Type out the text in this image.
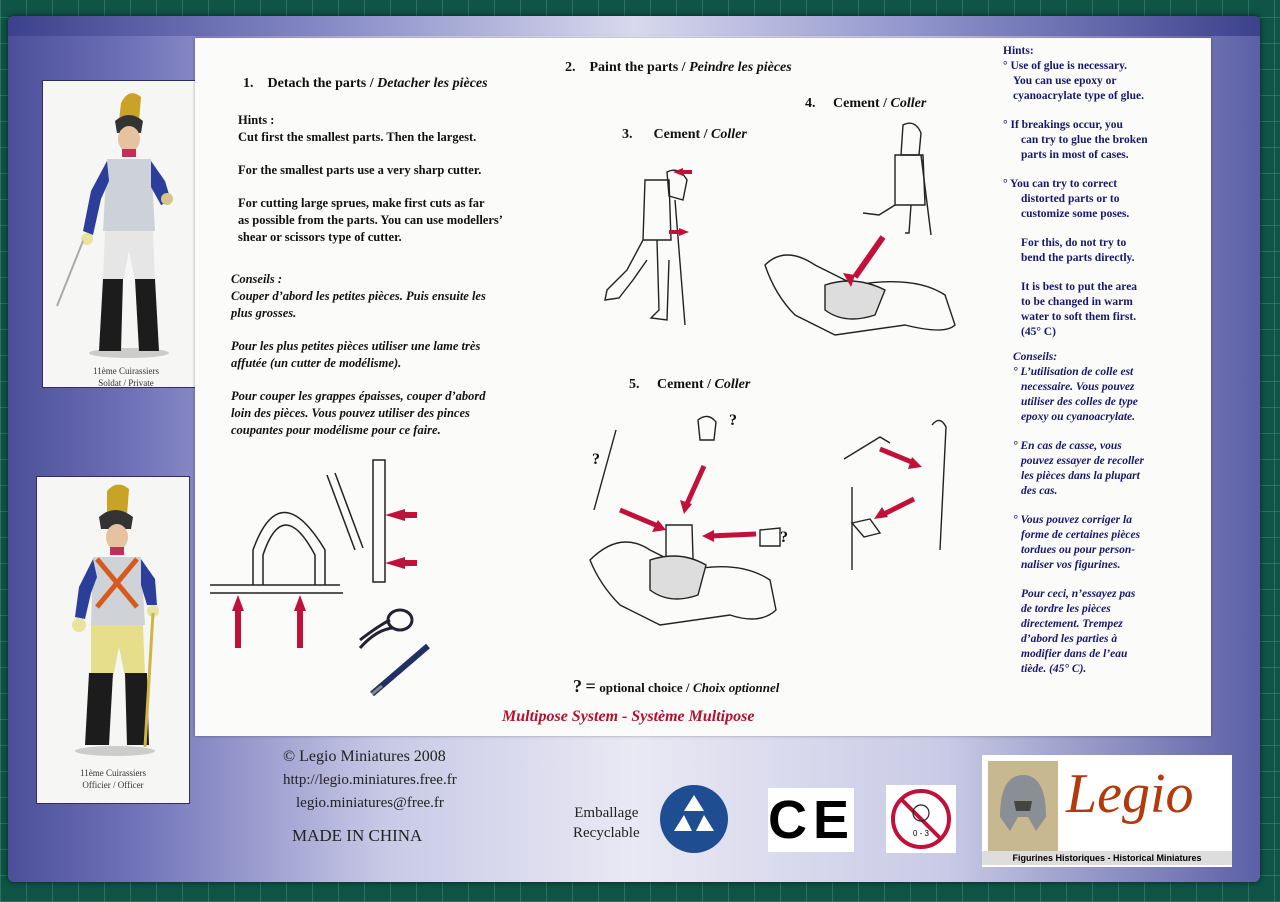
11ème Cuirassiers
Soldat / Private
11ème Cuirassiers
Officier / Officer
1. Detach the parts / Detacher les pièces
Hints :
Cut first the smallest parts. Then the largest.
For the smallest parts use a very sharp cutter.
For cutting large sprues, make first cuts as far
as possible from the parts. You can use modellers’
shear or scissors type of cutter.
Conseils :
Couper d’abord les petites pièces. Puis ensuite les
plus grosses.
Pour les plus petites pièces utiliser une lame très
affutée (un cutter de modélisme).
Pour couper les grappes épaisses, couper d’abord
loin des pièces. Vous pouvez utiliser des pinces
coupantes pour modélisme pour ce faire.
2. Paint the parts / Peindre les pièces
3. Cement / Coller
4. Cement / Coller
5. Cement / Coller
?
?
?
? = optional choice / Choix optionnel
Multipose System - Système Multipose
Hints:

° Use of glue is necessary.
You can use epoxy or
cyanoacrylate type of glue.

° If breakings occur, you
can try to glue the broken
parts in most of cases.

° You can try to correct
distorted parts or to
customize some poses.

For this, do not try to
bend the parts directly.

It is best to put the area
to be changed in warm
water to soft them first.
(45° C)

Conseils:

° L’utilisation de colle est
necessaire. Vous pouvez
utiliser des colles de type
epoxy ou cyanoacrylate.

° En cas de casse, vous
pouvez essayer de recoller
les pièces dans la plupart
des cas.

° Vous pouvez corriger la
forme de certaines pièces
tordues ou pour person-
naliser vos figurines.

Pour ceci, n’essayez pas
de tordre les pièces
directement. Trempez
d’abord les parties à
modifier dans de l’eau
tiède. (45° C).

© Legio Miniatures 2008
http://legio.miniatures.free.fr
legio.miniatures@free.fr
MADE IN CHINA
Emballage
Recyclable CE	0 - 3
Legio
Figurines Historiques - Historical Miniatures
